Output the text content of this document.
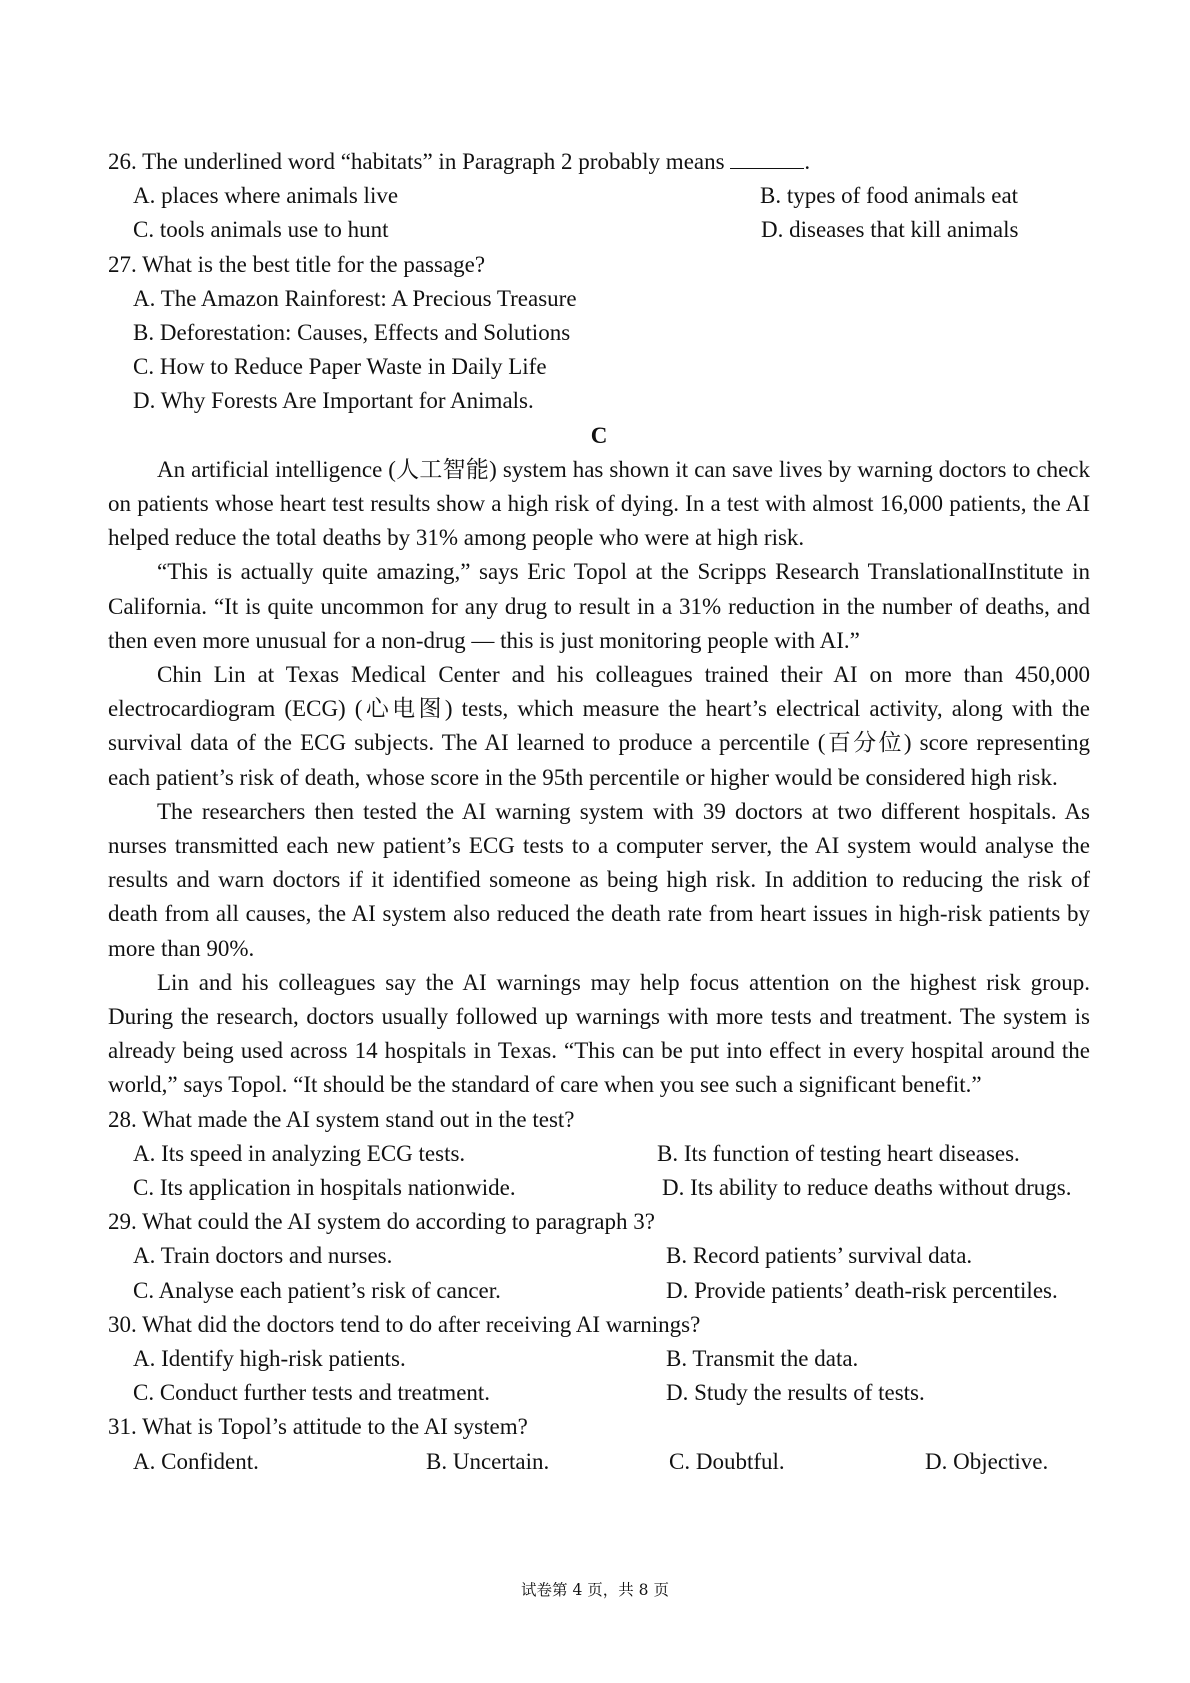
26. The underlined word “habitats” in Paragraph 2 probably means	.
A. places where animals live	B. types of food animals eat
C. tools animals use to hunt	D. diseases that kill animals
27. What is the best title for the passage?
A. The Amazon Rainforest: A Precious Treasure
B. Deforestation: Causes, Effects and Solutions
C. How to Reduce Paper Waste in Daily Life
D. Why Forests Are Important for Animals.
C

An artificial intelligence (人工智能) system has shown it can save lives by warning doctors to check on patients whose heart test results show a high risk of dying. In a test with almost 16,000 patients, the AI helped reduce the total deaths by 31% among people who were at high risk.

“This is actually quite amazing,” says Eric Topol at the Scripps Research TranslationalInstitute in California. “It is quite uncommon for any drug to result in a 31% reduction in the number of deaths, and then even more unusual for a non-drug — this is just monitoring people with AI.”

Chin Lin at Texas Medical Center and his colleagues trained their AI on more than 450,000 electrocardiogram (ECG) (心电图) tests, which measure the heart’s electrical activity, along with the survival data of the ECG subjects. The AI learned to produce a percentile (百分位) score representing each patient’s risk of death, whose score in the 95th percentile or higher would be considered high risk.

The researchers then tested the AI warning system with 39 doctors at two different hospitals. As nurses transmitted each new patient’s ECG tests to a computer server, the AI system would analyse the results and warn doctors if it identified someone as being high risk. In addition to reducing the risk of death from all causes, the AI system also reduced the death rate from heart issues in high-risk patients by more than 90%.

Lin and his colleagues say the AI warnings may help focus attention on the highest risk group. During the research, doctors usually followed up warnings with more tests and treatment. The system is already being used across 14 hospitals in Texas. “This can be put into effect in every hospital around the world,” says Topol. “It should be the standard of care when you see such a significant benefit.”

28. What made the AI system stand out in the test?
A. Its speed in analyzing ECG tests.	B. Its function of testing heart diseases.
C. Its application in hospitals nationwide.	D. Its ability to reduce deaths without drugs.
29. What could the AI system do according to paragraph 3?
A. Train doctors and nurses.	B. Record patients’ survival data.
C. Analyse each patient’s risk of cancer.	D. Provide patients’ death-risk percentiles.
30. What did the doctors tend to do after receiving AI warnings?
A. Identify high-risk patients.	B. Transmit the data.
C. Conduct further tests and treatment.	D. Study the results of tests.
31. What is Topol’s attitude to the AI system?
A. Confident.	B. Uncertain.	C. Doubtful.	D. Objective.
试卷第 4 页，共 8 页
